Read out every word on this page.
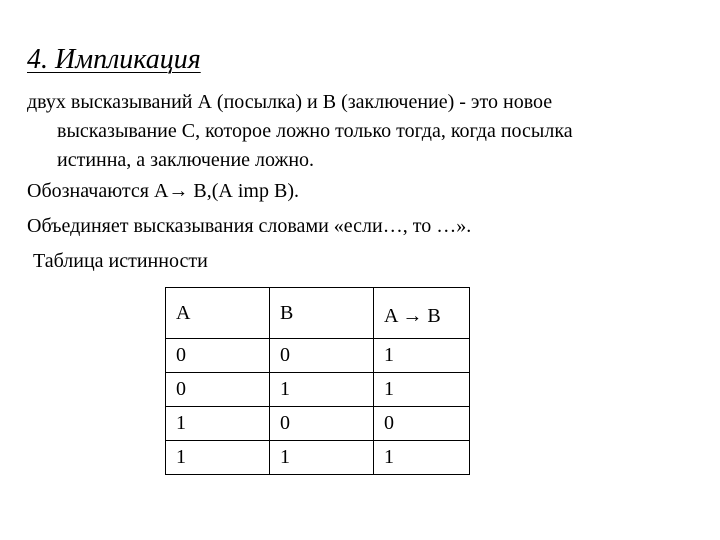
4. Импликация
двух высказываний А (посылка) и В (заключение) - это новое
высказывание С, которое ложно только тогда, когда посылка
истинна, а заключение ложно.
Обозначаются А→ В,(А imp B).
Объединяет высказывания словами «если…, то …».
Таблица истинности
A	B	A → B
0	0	1
0	1	1
1	0	0
1	1	1
